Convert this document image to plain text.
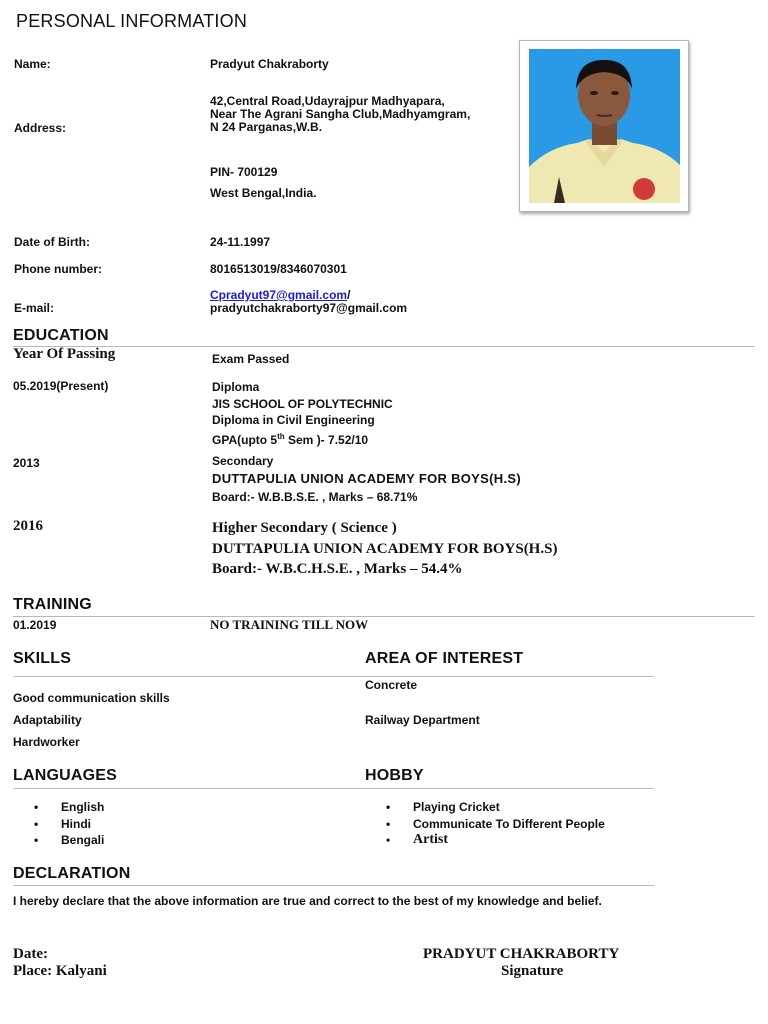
PERSONAL INFORMATION
Name:	Pradyut Chakraborty
Address:
42,Central Road,Udayrajpur Madhyapara,
Near The Agrani Sangha Club,Madhyamgram,
N 24 Parganas,W.B.
PIN- 700129
West Bengal,India.
Date of Birth:	24-11.1997
Phone number:	8016513019/8346070301
E-mail:
Cpradyut97@gmail.com/
pradyutchakraborty97@gmail.com
EDUCATION
Year Of Passing	Exam Passed
05.2019(Present)	Diploma
JIS SCHOOL OF POLYTECHNIC
Diploma in Civil Engineering
GPA(upto 5th Sem )- 7.52/10
2013	Secondary
DUTTAPULIA UNION ACADEMY FOR BOYS(H.S)
Board:- W.B.B.S.E. , Marks – 68.71%
2016	Higher Secondary ( Science )
DUTTAPULIA UNION ACADEMY FOR BOYS(H.S)
Board:- W.B.C.H.S.E. , Marks – 54.4%
TRAINING
01.2019	NO TRAINING TILL NOW
SKILLS	AREA OF INTEREST
Good communication skills
Adaptability
Hardworker
Concrete
Railway Department
LANGUAGES	HOBBY
• English
• Hindi
• Bengali
• Playing Cricket
• Communicate To Different People
• Artist
DECLARATION
I hereby declare that the above information are true and correct to the best of my knowledge and belief.
Date:
Place: Kalyani
PRADYUT CHAKRABORTY
Signature
